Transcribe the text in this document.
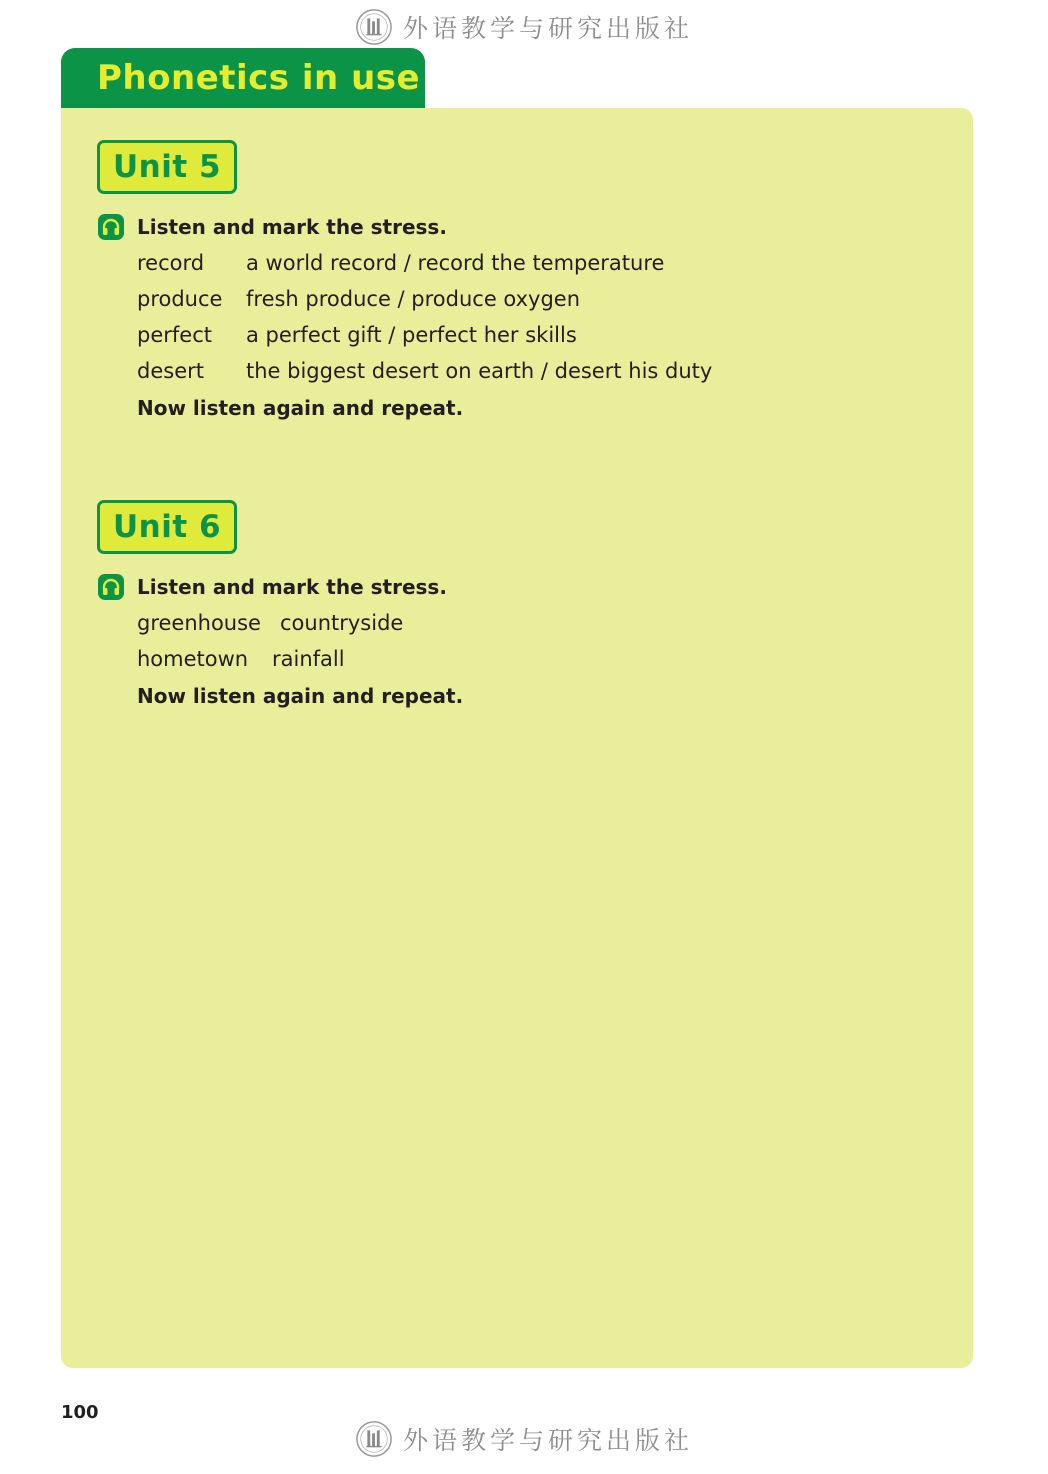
外语教学与研究出版社
Phonetics in use
Unit 5
Listen and mark the stress.
record a world record / record the temperature
produce fresh produce / produce oxygen
perfect a perfect gift / perfect her skills
desert the biggest desert on earth / desert his duty
Now listen again and repeat.
Unit 6
Listen and mark the stress.
greenhouse countryside
hometown rainfall
Now listen again and repeat.
100
外语教学与研究出版社
